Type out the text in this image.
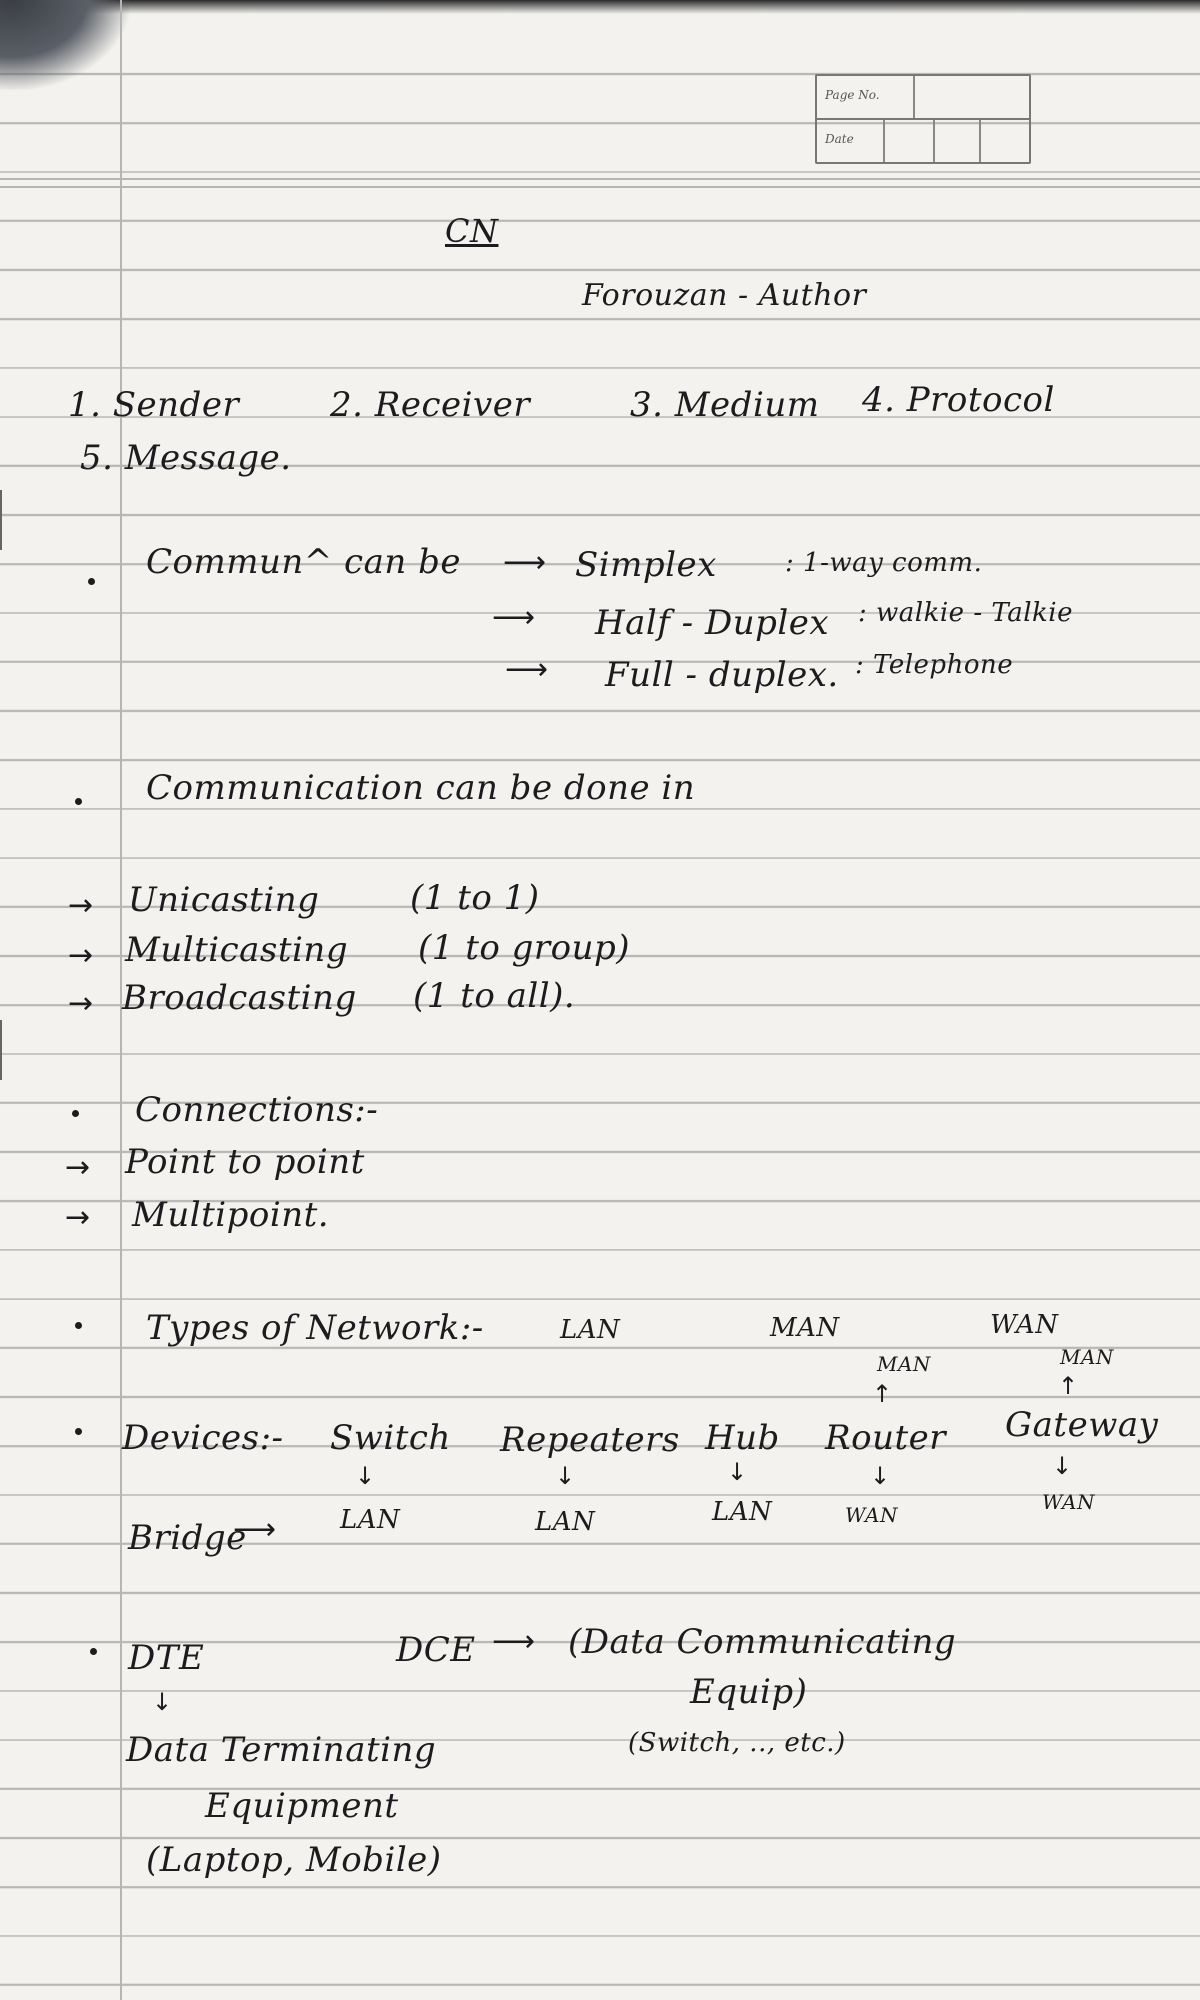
Page No.
Date
CN
Forouzan - Author
1. Sender	2. Receiver	3. Medium 4. Protocol
5. Message.
Commun^ can be ⟶ Simplex	: 1-way comm.
⟶ Half - Duplex : walkie - Talkie
⟶ Full - duplex. : Telephone
Communication can be done in
→ Unicasting	(1 to 1)
→ Multicasting (1 to group)
→ Broadcasting (1 to all).
Connections:-
→ Point to point
→ Multipoint.
Types of Network:-	LAN	MAN	WAN
Devices:- Switch Repeaters Hub Router Gateway
MAN
↑
MAN
↑
↓	↓	↓	↓	↓
LAN	LAN	LAN	WAN
WAN
Bridge
⟶
DTE	DCE ⟶ (Data Communicating
Equip)
(Switch, .., etc.)
↓
Data Terminating
Equipment
(Laptop, Mobile)
